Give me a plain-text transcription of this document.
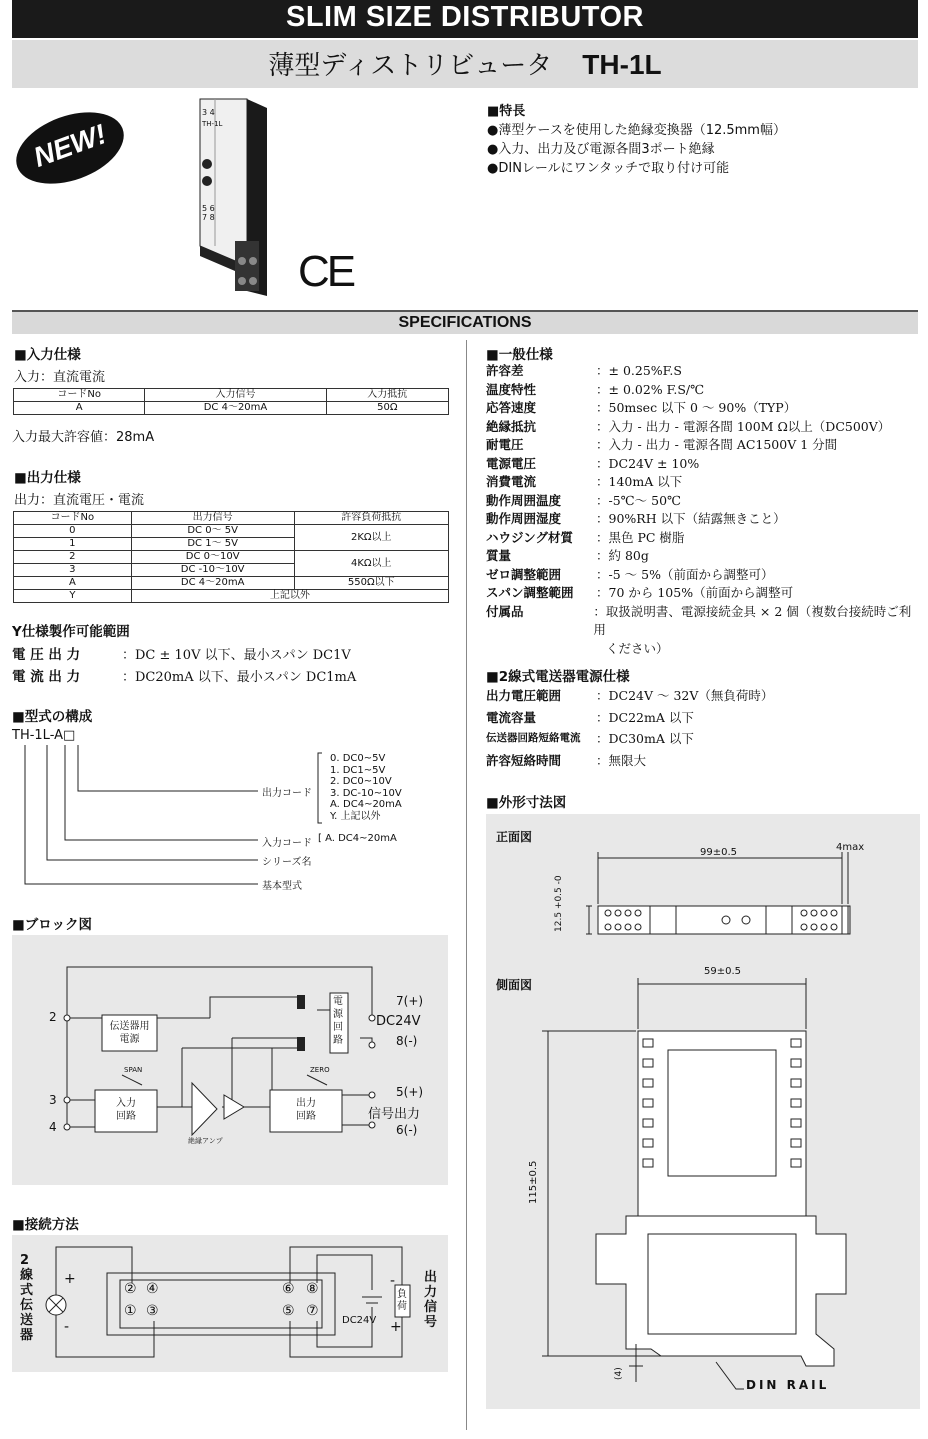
SLIM SIZE DISTRIBUTOR
薄型ディストリビュータ TH-1L
NEW!
3 4
TH-1L
5 6 7 8
CE
■特長
●薄型ケースを使用した絶縁変換器（12.5mm幅）
●入力、出力及び電源各間3ポート絶縁
●DINレールにワンタッチで取り付け可能
SPECIFICATIONS
■入力仕様
入力：直流電流
コードNo	入力信号	入力抵抗
A	DC 4～20mA	50Ω
入力最大許容値：28mA
■出力仕様
出力：直流電圧・電流
コードNo	出力信号	許容負荷抵抗
0	DC 0～ 5V	2KΩ以上
1	DC 1～ 5V	
2	DC 0～10V	4KΩ以上
3	DC -10～10V	
A	DC 4～20mA	550Ω以下
Y	上記以外	
Y仕様製作可能範囲
電 圧 出 力	：DC ± 10V 以下、最小スパン DC1V
電 流 出 力	：DC20mA 以下、最小スパン DC1mA
■型式の構成
TH-1L-A□
出力コード
0. DC0~5V
1. DC1~5V
2. DC0~10V
3. DC-10~10V
A. DC4~20mA
Y. 上記以外
入力コード [ A. DC4~20mA
シリーズ名
基本型式
■ブロック図
伝送器用
電源
入力
回路
出力
回路
SPAN	ZERO
絶縁アンプ
電源回路
2
3
4
7(+)
DC24V
8(-)
5(+)
信号出力
6(-)
■接続方法
2線式伝送器
出力信号
+
-
-
+
DC24V
負荷
② ④
① ③
⑥ ⑧
⑤ ⑦
■一般仕様
許容差	：± 0.25%F.S
温度特性	：± 0.02% F.S/℃
応答速度	：50msec 以下 0 ～ 90%（TYP）
絶縁抵抗	：入力 - 出力 - 電源各間 100M Ω以上（DC500V）
耐電圧	：入力 - 出力 - 電源各間 AC1500V 1 分間
電源電圧	：DC24V ± 10%
消費電流	：140mA 以下
動作周囲温度	：-5℃～ 50℃
動作周囲湿度	：90%RH 以下（結露無きこと）
ハウジング材質	：黒色 PC 樹脂
質量	：約 80g
ゼロ調整範囲	：-5 ～ 5%（前面から調整可）
スパン調整範囲	：70 から 105%（前面から調整可
付属品	：取扱説明書、電源接続金具 × 2 個（複数台接続時ご利用
ください）
■2線式電送器電源仕様
出力電圧範囲	：DC24V ～ 32V（無負荷時）
電流容量	：DC22mA 以下
伝送器回路短絡電流	：DC30mA 以下
許容短絡時間	：無限大
■外形寸法図
正面図
側面図
99±0.5	4max
12.5 +0.5 -0
59±0.5
115±0.5
(4)
DIN RAIL
